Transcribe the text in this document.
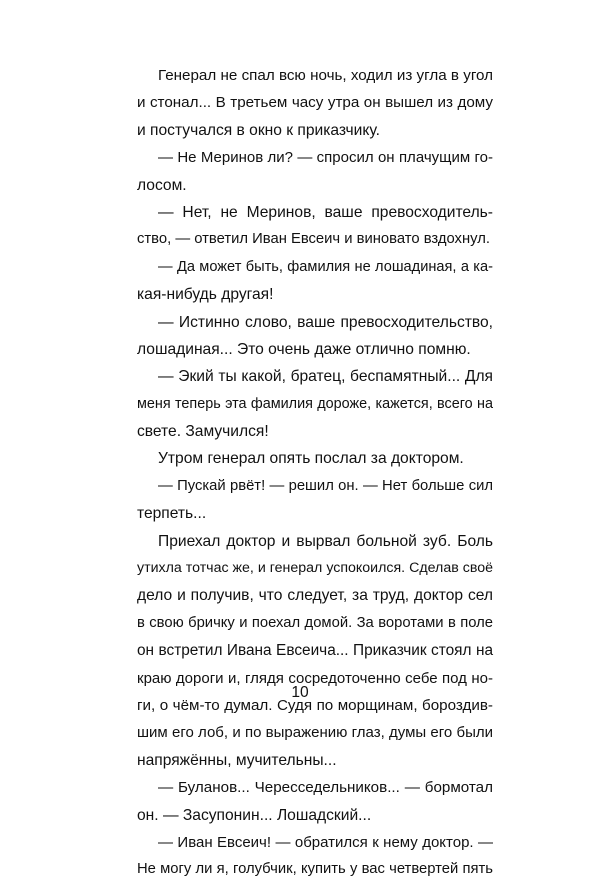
Генерал не спал всю ночь, ходил из угла в угол
и стонал... В третьем часу утра он вышел из дому
и постучался в окно к приказчику.
— Не Меринов ли? — спросил он плачущим го-
лосом.
— Нет, не Меринов, ваше превосходитель-
ство, — ответил Иван Евсеич и виновато вздохнул.
— Да может быть, фамилия не лошадиная, а ка-
кая-нибудь другая!
— Истинно слово, ваше превосходительство,
лошадиная... Это очень даже отлично помню.
— Экий ты какой, братец, беспамятный... Для
меня теперь эта фамилия дороже, кажется, всего на
свете. Замучился!
Утром генерал опять послал за доктором.
— Пускай рвёт! — решил он. — Нет больше сил
терпеть...
Приехал доктор и вырвал больной зуб. Боль
утихла тотчас же, и генерал успокоился. Сделав своё
дело и получив, что следует, за труд, доктор сел
в свою бричку и поехал домой. За воротами в поле
он встретил Ивана Евсеича... Приказчик стоял на
краю дороги и, глядя сосредоточенно себе под но-
ги, о чём-то думал. Судя по морщинам, бороздив-
шим его лоб, и по выражению глаз, думы его были
напряжённы, мучительны...
— Буланов... Чересседельников... — бормотал
он. — Засупонин... Лошадский...
— Иван Евсеич! — обратился к нему доктор. —
Не могу ли я, голубчик, купить у вас четвертей пять
10
